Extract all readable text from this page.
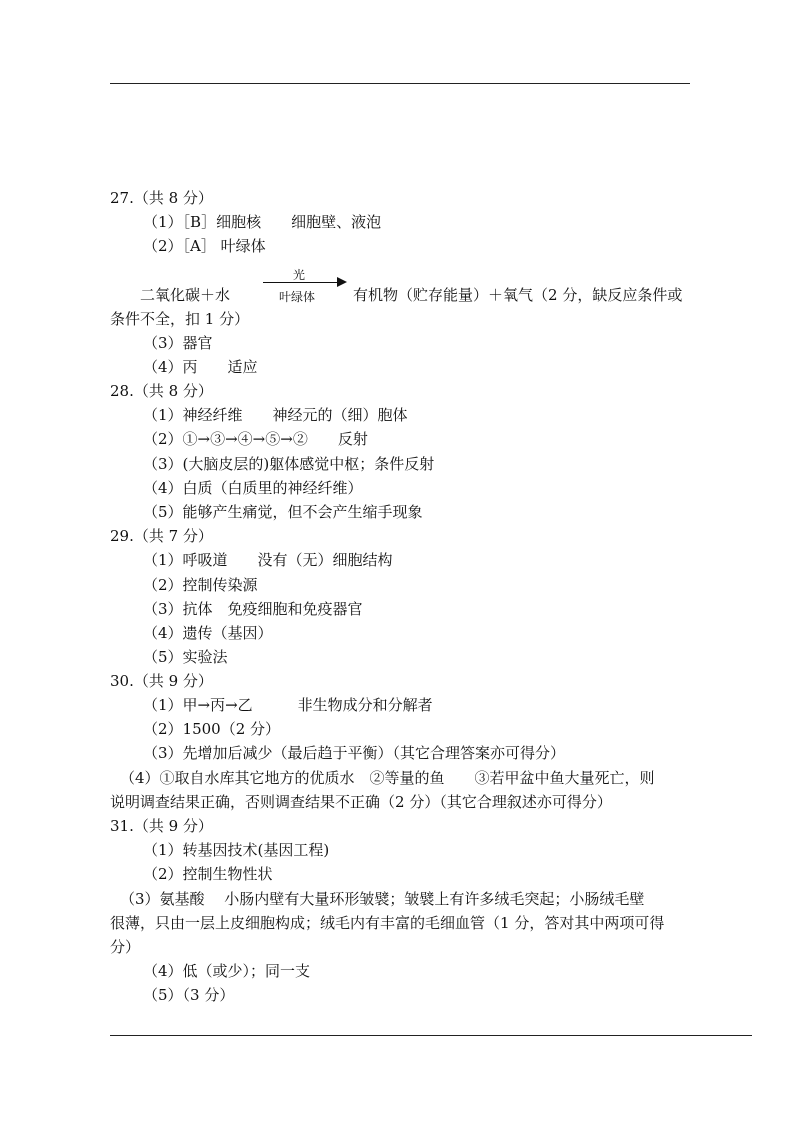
27.（共 8 分）
（1）［B］细胞核　　细胞壁、液泡
（2）［A］ 叶绿体
二氧化碳＋水
光
叶绿体	有机物（贮存能量）＋氧气（2 分，缺反应条件或
条件不全，扣 1 分）
（3）器官
（4）丙　　适应
28.（共 8 分）
（1）神经纤维　　神经元的（细）胞体
（2）①→③→④→⑤→②　　反射
（3）(大脑皮层的)躯体感觉中枢；条件反射
（4）白质（白质里的神经纤维）
（5）能够产生痛觉，但不会产生缩手现象
29.（共 7 分）
（1）呼吸道　　没有（无）细胞结构
（2）控制传染源
（3）抗体　免疫细胞和免疫器官
（4）遗传（基因）
（5）实验法
30.（共 9 分）
（1）甲→丙→乙　　　非生物成分和分解者
（2）1500（2 分）
（3）先增加后减少（最后趋于平衡）（其它合理答案亦可得分）
（4）①取自水库其它地方的优质水　②等量的鱼　　③若甲盆中鱼大量死亡，则
说明调查结果正确，否则调查结果不正确（2 分）（其它合理叙述亦可得分）
31.（共 9 分）
（1）转基因技术(基因工程)
（2）控制生物性状
（3）氨基酸　 小肠内壁有大量环形皱襞；皱襞上有许多绒毛突起；小肠绒毛壁
很薄，只由一层上皮细胞构成；绒毛内有丰富的毛细血管（1 分，答对其中两项可得
分）
（4）低（或少）；同一支
（5）（3 分）
